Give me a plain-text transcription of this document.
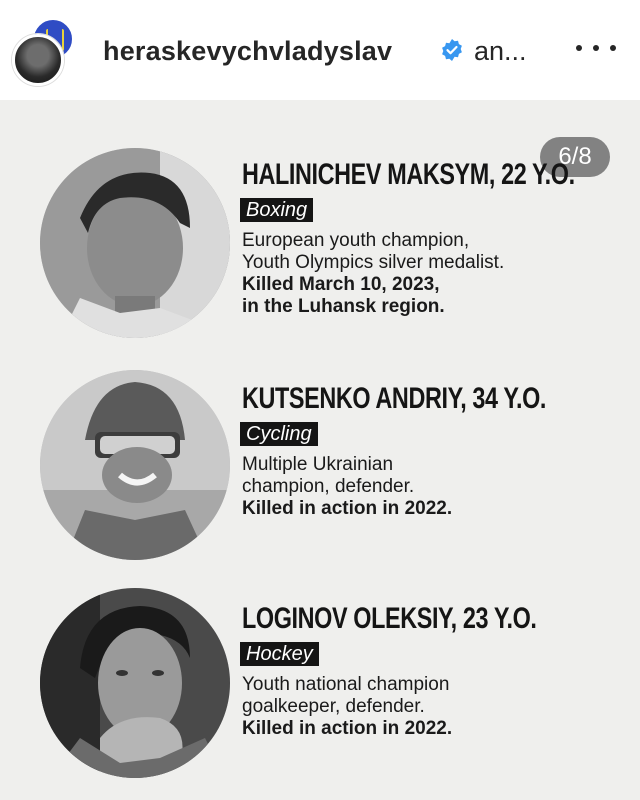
heraskevychvladyslav	an...
6/8
HALINICHEV MAKSYM, 22 Y.O.
Boxing
European youth champion,
Youth Olympics silver medalist.
Killed March 10, 2023,
in the Luhansk region.
KUTSENKO ANDRIY, 34 Y.O.
Cycling
Multiple Ukrainian
champion, defender.
Killed in action in 2022.
LOGINOV OLEKSIY, 23 Y.O.
Hockey
Youth national champion
goalkeeper, defender.
Killed in action in 2022.
